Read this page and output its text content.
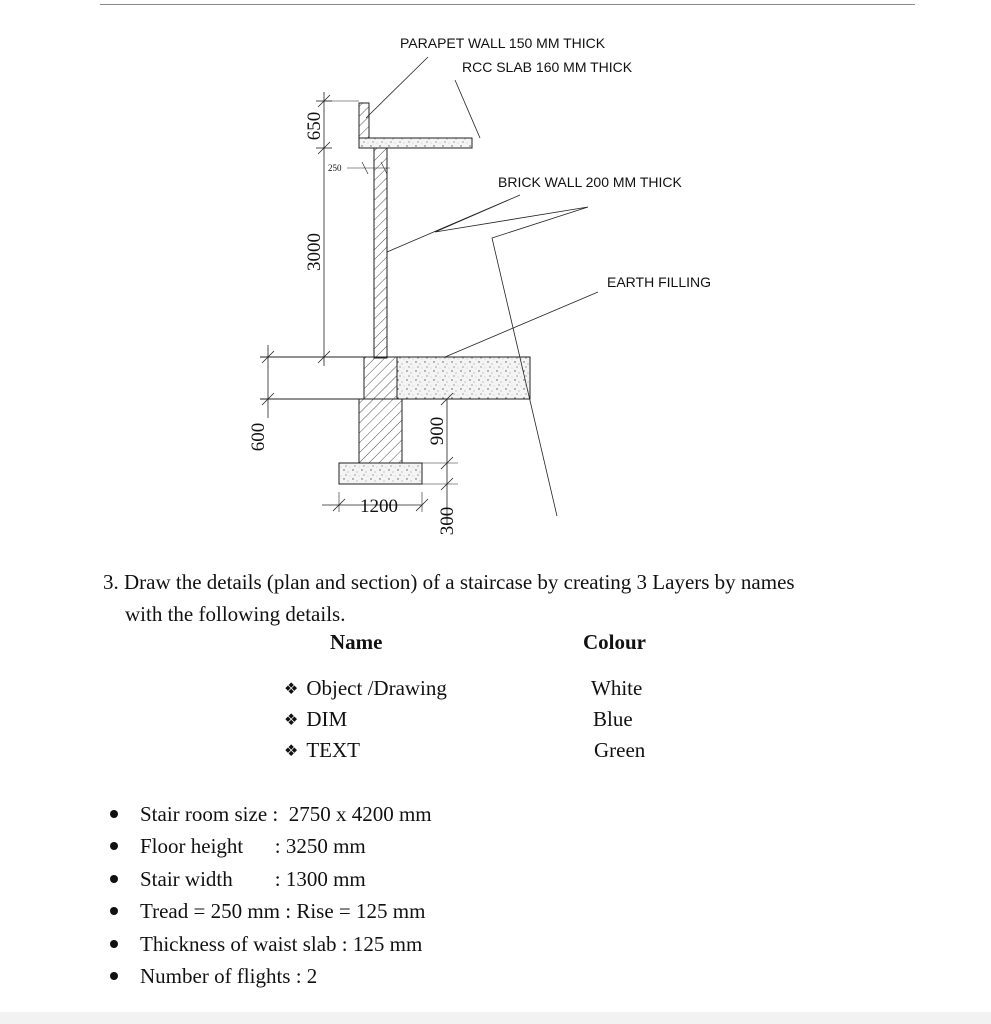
PARAPET WALL 150 MM THICK
RCC SLAB 160 MM THICK
BRICK WALL 200 MM THICK
EARTH FILLING
650
250
3000
600	900
1200
300
3. Draw the details (plan and section) of a staircase by creating 3 Layers by names
with the following details.
Name	Colour
❖ Object /Drawing
❖ DIM
❖ TEXT
White
Blue
Green
Stair room size :  2750 x 4200 mm
Floor height      : 3250 mm
Stair width        : 1300 mm
Tread = 250 mm : Rise = 125 mm
Thickness of waist slab : 125 mm
Number of flights : 2
